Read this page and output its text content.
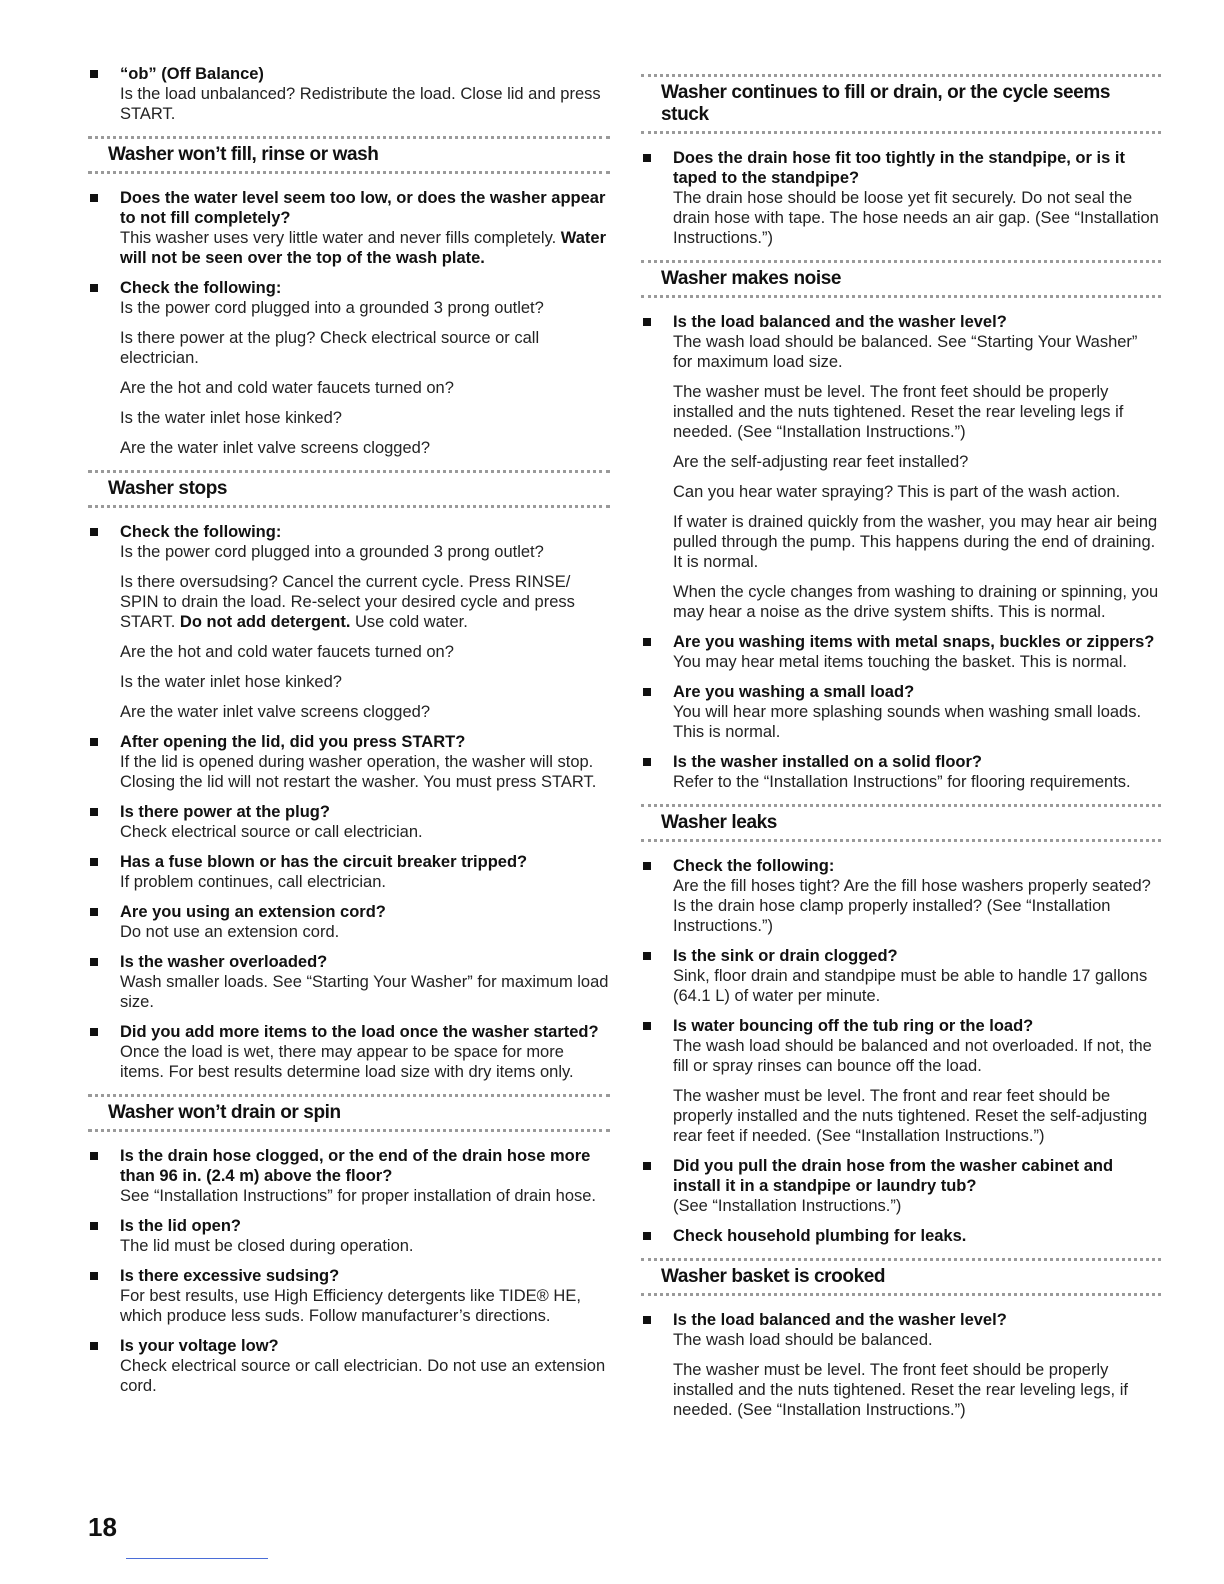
“ob” (Off Balance)
Is the load unbalanced? Redistribute the load. Close lid and press START.
Washer won’t fill, rinse or wash
Does the water level seem too low, or does the washer appear to not fill completely?
This washer uses very little water and never fills completely. Water will not be seen over the top of the wash plate.
Check the following:
Is the power cord plugged into a grounded 3 prong outlet?
Is there power at the plug? Check electrical source or call electrician.
Are the hot and cold water faucets turned on?
Is the water inlet hose kinked?
Are the water inlet valve screens clogged?
Washer stops
Check the following:
Is the power cord plugged into a grounded 3 prong outlet?
Is there oversudsing? Cancel the current cycle. Press RINSE/ SPIN to drain the load. Re-select your desired cycle and press START. Do not add detergent. Use cold water.
Are the hot and cold water faucets turned on?
Is the water inlet hose kinked?
Are the water inlet valve screens clogged?
After opening the lid, did you press START?
If the lid is opened during washer operation, the washer will stop. Closing the lid will not restart the washer. You must press START.
Is there power at the plug?
Check electrical source or call electrician.
Has a fuse blown or has the circuit breaker tripped?
If problem continues, call electrician.
Are you using an extension cord?
Do not use an extension cord.
Is the washer overloaded?
Wash smaller loads. See “Starting Your Washer” for maximum load size.
Did you add more items to the load once the washer started?
Once the load is wet, there may appear to be space for more items. For best results determine load size with dry items only.
Washer won’t drain or spin
Is the drain hose clogged, or the end of the drain hose more than 96 in. (2.4 m) above the floor?
See “Installation Instructions” for proper installation of drain hose.
Is the lid open?
The lid must be closed during operation.
Is there excessive sudsing?
For best results, use High Efficiency detergents like TIDE® HE, which produce less suds. Follow manufacturer’s directions.
Is your voltage low?
Check electrical source or call electrician. Do not use an extension cord.
Washer continues to fill or drain, or the cycle seems stuck
Does the drain hose fit too tightly in the standpipe, or is it taped to the standpipe?
The drain hose should be loose yet fit securely. Do not seal the drain hose with tape. The hose needs an air gap. (See “Installation Instructions.”)
Washer makes noise
Is the load balanced and the washer level?
The wash load should be balanced. See “Starting Your Washer” for maximum load size.
The washer must be level. The front feet should be properly installed and the nuts tightened. Reset the rear leveling legs if needed. (See “Installation Instructions.”)
Are the self-adjusting rear feet installed?
Can you hear water spraying? This is part of the wash action.
If water is drained quickly from the washer, you may hear air being pulled through the pump. This happens during the end of draining. It is normal.
When the cycle changes from washing to draining or spinning, you may hear a noise as the drive system shifts. This is normal.
Are you washing items with metal snaps, buckles or zippers?
You may hear metal items touching the basket. This is normal.
Are you washing a small load?
You will hear more splashing sounds when washing small loads. This is normal.
Is the washer installed on a solid floor?
Refer to the “Installation Instructions” for flooring requirements.
Washer leaks
Check the following:
Are the fill hoses tight? Are the fill hose washers properly seated? Is the drain hose clamp properly installed? (See “Installation Instructions.”)
Is the sink or drain clogged?
Sink, floor drain and standpipe must be able to handle 17 gallons (64.1 L) of water per minute.
Is water bouncing off the tub ring or the load?
The wash load should be balanced and not overloaded. If not, the fill or spray rinses can bounce off the load.
The washer must be level. The front and rear feet should be properly installed and the nuts tightened. Reset the self-adjusting rear feet if needed. (See “Installation Instructions.”)
Did you pull the drain hose from the washer cabinet and install it in a standpipe or laundry tub?
(See “Installation Instructions.”)
Check household plumbing for leaks.
Washer basket is crooked
Is the load balanced and the washer level?
The wash load should be balanced.
The washer must be level. The front feet should be properly installed and the nuts tightened. Reset the rear leveling legs, if needed. (See “Installation Instructions.”)
18
